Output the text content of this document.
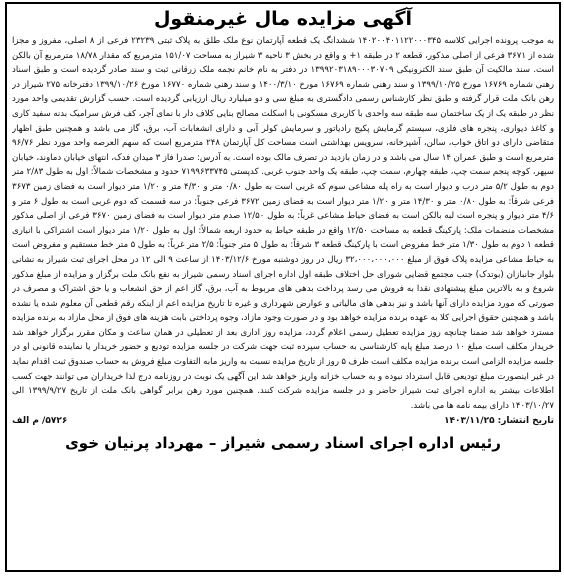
آگهی مزایده مال غیرمنقول

به موجب پرونده اجرایی کلاسه ۱۴۰۲۰۰۴۰۱۱۲۲۰۰۰۳۴۵ ششدانگ یک قطعه آپارتمان نوع ملک طلق به پلاک ثبتی ۲۳۲۳۹ فرعی از ۸ اصلی، مفروز و مجزا شده از ۳۶۷۱ فرعی از اصلی مذکور، قطعه ۲ در طبقه ۱+ و واقع در بخش ۳ ناحیه ۳ شیراز به مساحت ۱۵۱/۰۷ مترمربع که مقدار ۱۸/۷۸ مترمربع آن بالکن است. سند مالکیت آن طبق سند الکترونیکی ۱۳۹۹۲۰۳۱۸۹۰۰۰۳۰۷۰۹ در دفتر به نام خانم نجمه ملک زرقانی ثبت و سند صادر گردیده است و طبق اسناد رهنی شماره ۱۶۷۶۹ مورخ ۱۳۹۹/۱۰/۲۵ و سند رهنی شماره ۱۶۷۶۹ مورخ ۱۴۰۰/۳/۱۰ و سند رهنی شماره ۱۶۷۷۰ مورخ ۱۳۹۹/۱۰/۲۶ دفترخانه ۲۷۵ شیراز در رهن بانک ملت قرار گرفته و طبق نظر کارشناس رسمی دادگستری به مبلغ سی و دو میلیارد ریال ارزیابی گردیده است. حسب گزارش تقدیمی واحد مورد نظر در طبقه یک از یک ساختمان سه طبقه سه واحدی با کاربری مسکونی با اسکلت مصالح بنایی کلاف دار با نمای آجر، کف فرش سرامیک بدنه سفید کاری و کاغذ دیواری، پنجره های فلزی، سیستم گرمایش پکیج رادیاتور و سرمایش کولر آبی و دارای انشعابات آب، برق، گاز می باشد و همچنین طبق اظهار متقاضی دارای دو اتاق خواب، سالن، آشپزخانه، سرویس بهداشتی است مساحت کل آپارتمان ۲۴۸ مترمربع است که سهم العرصه واحد مورد نظر ۹۶/۷۶ مترمربع است و طبق عمران ۱۴ سال می باشد و در زمان بازدید در تصرف مالک بوده است. به آدرس: صدرا فاز ۳ میدان فدک، انتهای خیابان دماوند، خیابان سپهر، کوچه پنجم سمت چپ، طبقه چهارم، سمت چپ، طبقه یک واحد جنوب غربی. کدپستی ۷۱۹۹۶۳۳۷۴۵ حدود و مشخصات شمالاً: اول به طول ۲/۸۳ متر دوم به طول ۵/۲ متر درب و دیوار است به راه پله مشاعی سوم که غربی است به طول ۰/۸۰ متر و ۴/۳۰ متر و ۱/۲۰ متر دیوار است به فضای زمین ۳۶۷۳ فرعی شرقاً: به طول ۰/۸۰ متر و ۱۴/۳۰ متر و ۱/۲۰ متر دیوار است به فضای زمین ۳۶۷۲ فرعی جنوباً: در سه قسمت که دوم غربی است به طول ۶ متر و ۴/۶ متر دیوار و پنجره است لبه بالکن است به فضای حیاط مشاعی غرباً: به طول ۱۲/۵۰ صدم متر دیوار است به فضای زمین ۳۶۷۰ فرعی از اصلی مذکور مشخصات منضمات ملک: پارکینگ قطعه به مساحت ۱۲/۵۰ واقع در طبقه حیاط به حدود اربعه شمالاً: اول به طول ۱/۲۰ متر دیوار است اشتراکی با انباری قطعه ۱ دوم به طول ۱/۳۰ متر خط مفروض است با پارکینگ قطعه ۳ شرقاً: به طول ۵ متر جنوباً: ۲/۵ متر غرباً: به طول ۵ متر خط مستقیم و مفروض است به حیاط مشاعی مزایده پلاک فوق از مبلغ ۳۲،۰۰۰،۰۰۰،۰۰۰ ریال در روز دوشنبه مورخ ۱۴۰۳/۱۲/۶ از ساعت ۹ الی ۱۲ در محل اجرای ثبت شیراز به نشانی بلوار جانبازان (بوتدک) جنب مجتمع قضایی شورای حل اختلاف طبقه اول اداره اجرای اسناد رسمی شیراز به نفع بانک ملت برگزار و مزایده از مبلغ مذکور شروع و به بالاترین مبلغ پیشنهادی نقدا به فروش می رسد پرداخت بدهی های مربوط به آب، برق، گاز اعم از حق انشعاب و یا حق اشتراک و مصرف در صورتی که مورد مزایده دارای آنها باشد و نیز بدهی های مالیاتی و عوارض شهرداری و غیره تا تاریخ مزایده اعم از اینکه رقم قطعی آن معلوم شده یا نشده باشد و همچنین حقوق اجرایی کلا به عهده برنده مزایده خواهد بود و در صورت وجود مازاد، وجوه پرداختی بابت هزینه های فوق از محل مازاد به برنده مزایده مسترد خواهد شد ضمنا چنانچه روز مزایده تعطیل رسمی اعلام گردد، مزایده روز اداری بعد از تعطیلی در همان ساعت و مکان مقرر برگزار خواهد شد خریدار مکلف است مبلغ ۱۰ درصد مبلغ پایه کارشناسی به حساب سپرده ثبت جهت شرکت در جلسه مزایده تودیع و حضور خریدار یا نماینده قانونی او در جلسه مزایده الزامی است برنده مزایده مکلف است ظرف ۵ روز از تاریخ مزایده نسبت به واریز مابه التفاوت مبلغ فروش به حساب صندوق ثبت اقدام نماید در غیر اینصورت مبلغ تودیعی قابل استرداد نبوده و به حساب خزانه واریز خواهد شد این آگهی یک نوبت در روزنامه درج لذا خریداران می توانند جهت کسب اطلاعات بیشتر به اداره اجرای ثبت شیراز حاضر و در جلسه مزایده شرکت کنند. همچنین مورد رهن برابر گواهی بانک ملت از تاریخ ۱۳۹۹/۹/۲۷ الی ۱۴۰۳/۱۰/۲۷ دارای بیمه نامه ها می باشد.

تاریخ انتشار:
۱۴۰۳/۱۱/۲۵
۵۷۲۶/ م الف
رئیس اداره اجرای اسناد رسمی شیراز – مهرداد پرنیان خوی
